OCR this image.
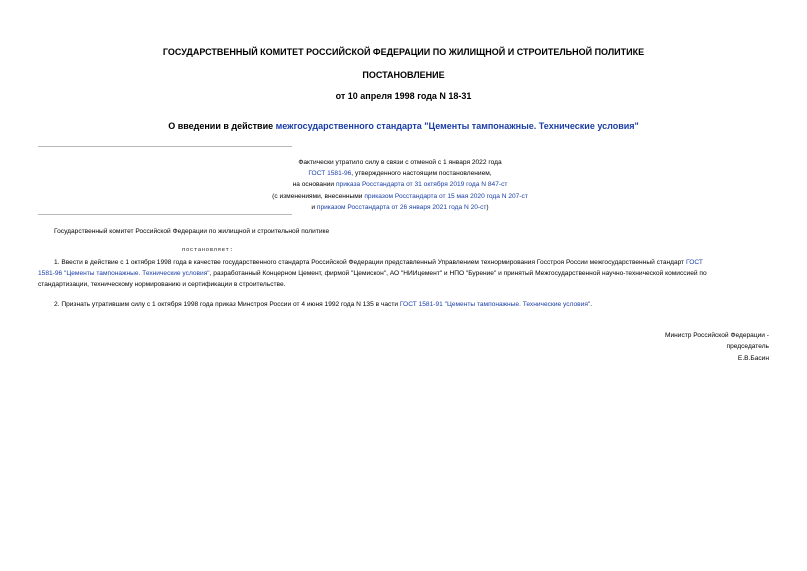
ГОСУДАРСТВЕННЫЙ КОМИТЕТ РОССИЙСКОЙ ФЕДЕРАЦИИ ПО ЖИЛИЩНОЙ И СТРОИТЕЛЬНОЙ ПОЛИТИКЕ
ПОСТАНОВЛЕНИЕ
от 10 апреля 1998 года N 18-31
О введении в действие межгосударственного стандарта "Цементы тампонажные. Технические условия"
Фактически утратило силу в связи с отменой с 1 января 2022 года
ГОСТ 1581-96, утвержденного настоящим постановлением,
на основании приказа Росстандарта от 31 октября 2019 года N 847-ст
(с изменениями, внесенными приказом Росстандарта от 15 мая 2020 года N 207-ст
и приказом Росстандарта от 26 января 2021 года N 20-ст)
Государственный комитет Российской Федерации по жилищной и строительной политике
постановляет:
1. Ввести в действие с 1 октября 1998 года в качестве государственного стандарта Российской Федерации представленный Управлением технормирования Госстроя России межгосударственный стандарт ГОСТ
1581-96 "Цементы тампонажные. Технические условия", разработанный Концерном Цемент, фирмой "Цемискон", АО "НИИцемент" и НПО "Бурение" и принятый Межгосударственной научно-технической комиссией по
стандартизации, техническому нормированию и сертификации в строительстве.
2. Признать утратившим силу с 1 октября 1998 года приказ Минстроя России от 4 июня 1992 года N 135 в части ГОСТ 1581-91 "Цементы тампонажные. Технические условия".
Министр Российской Федерации -
председатель
Е.В.Басин
